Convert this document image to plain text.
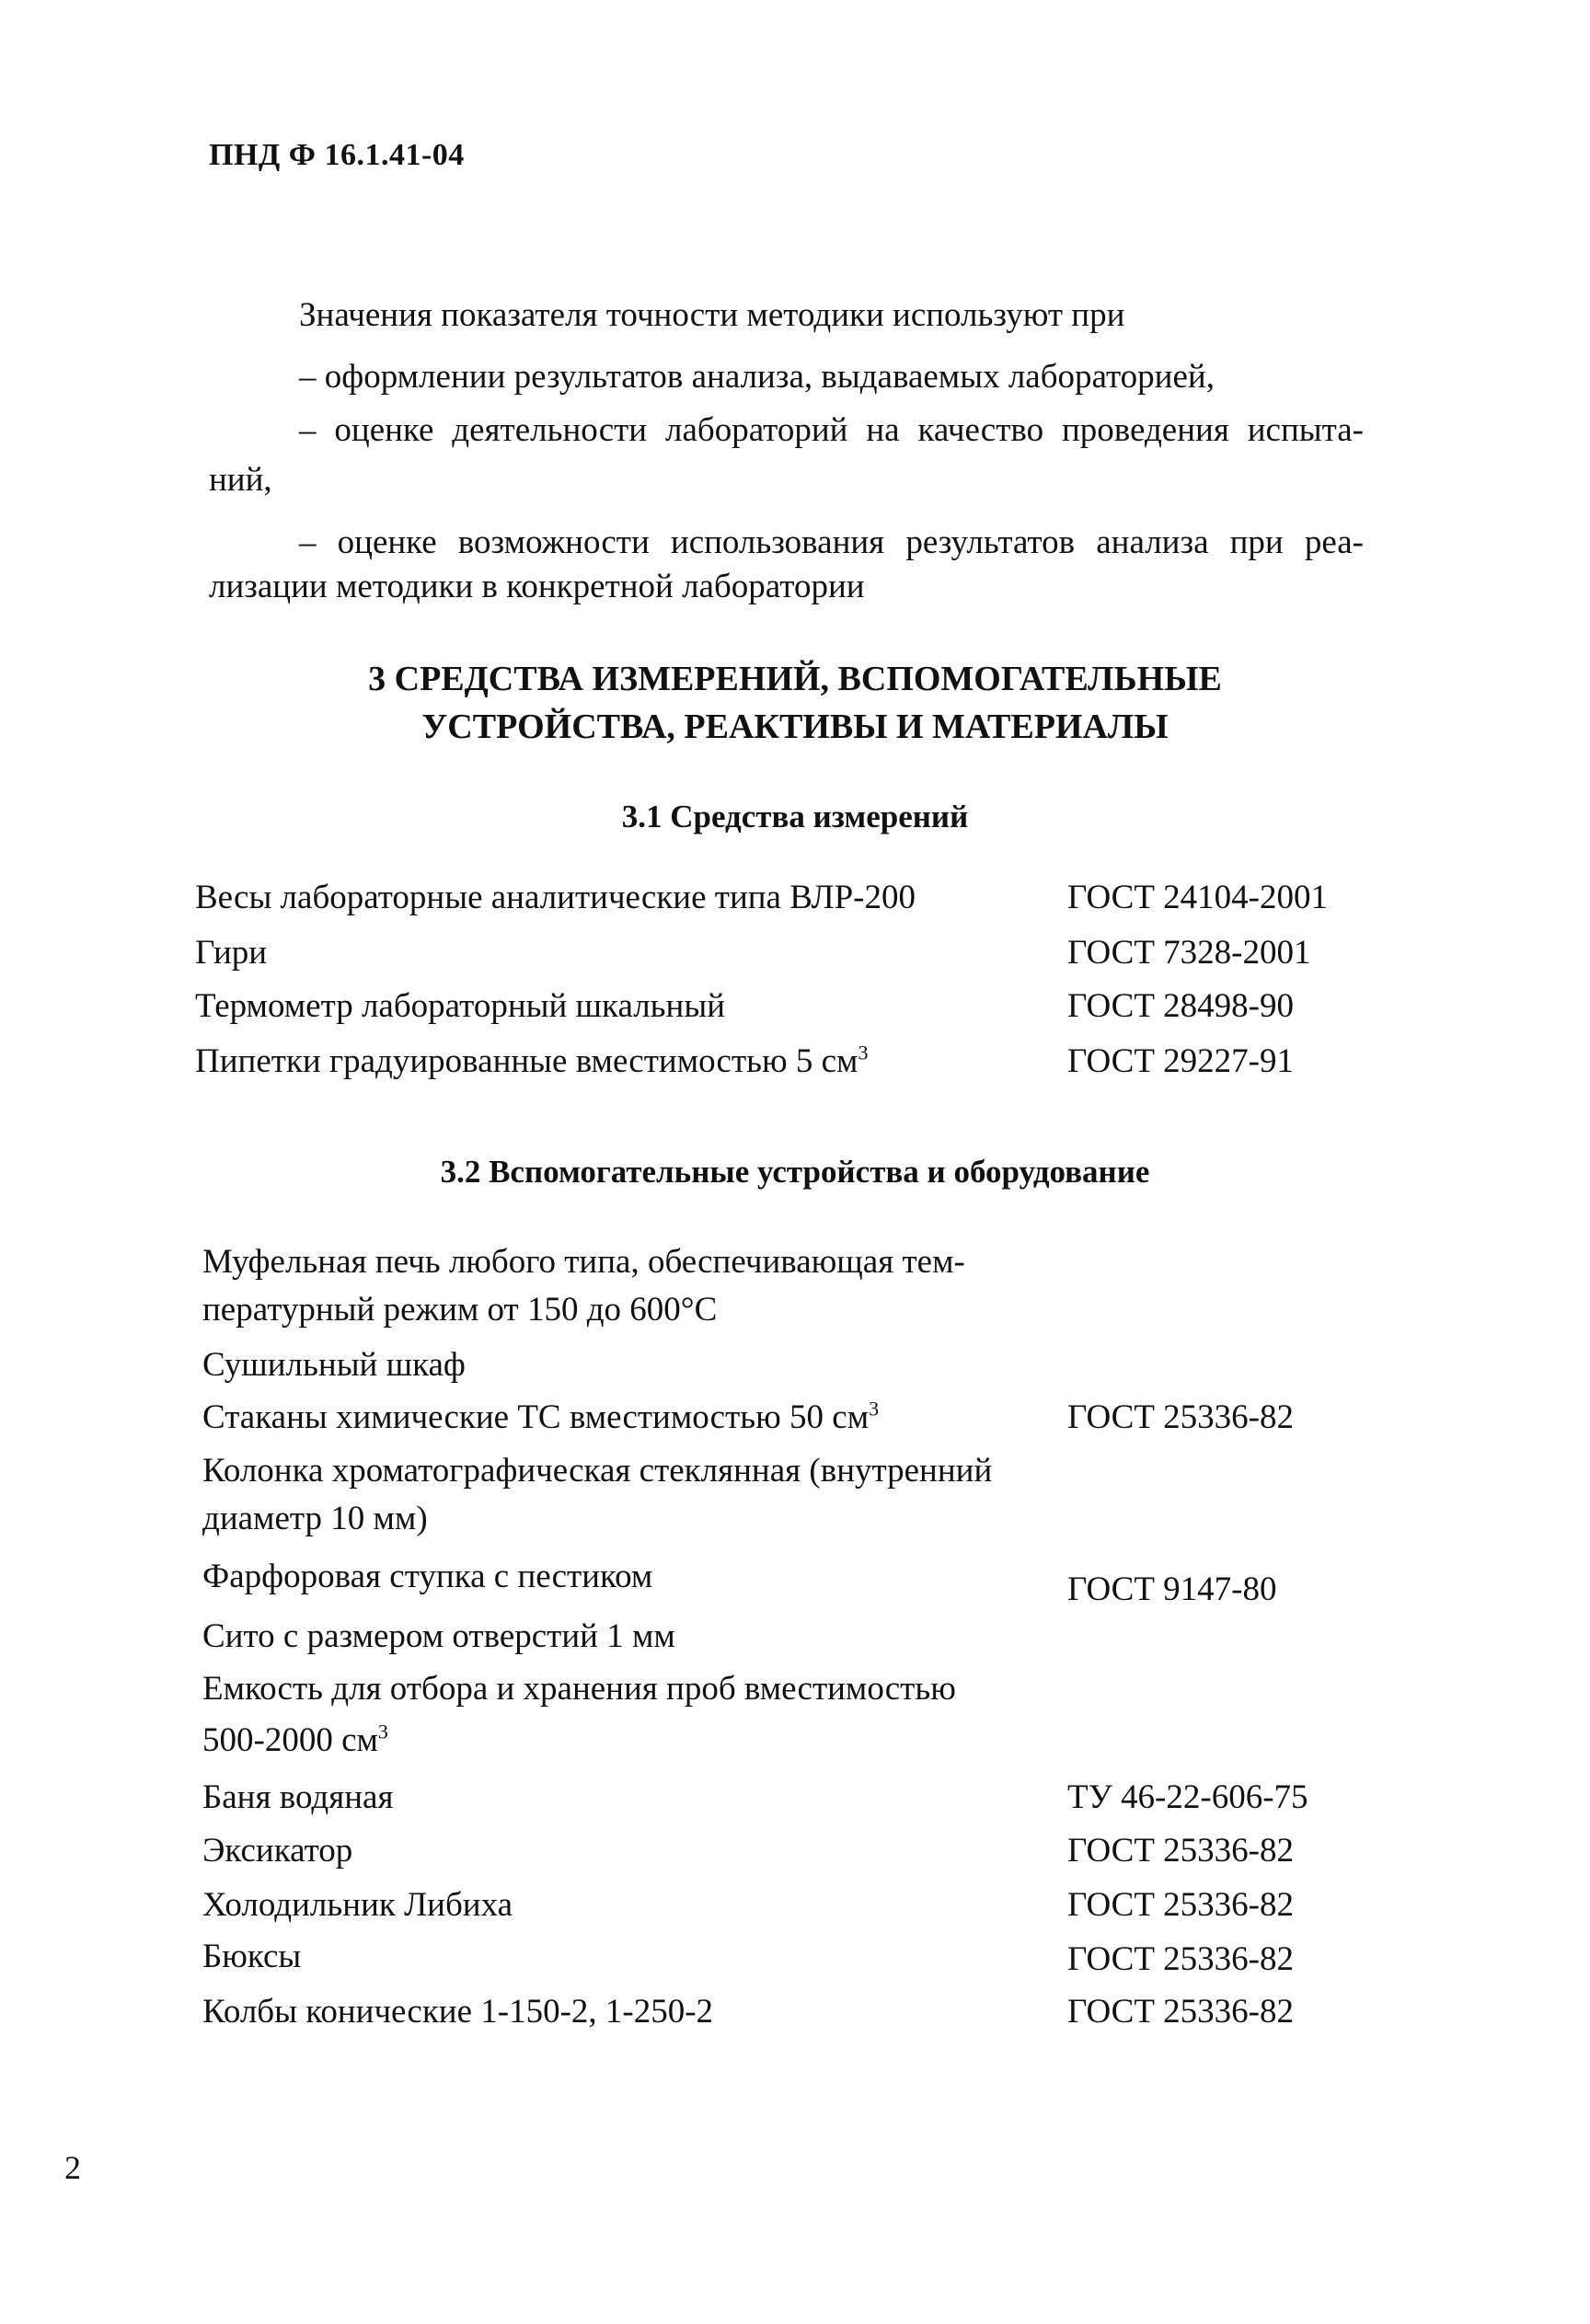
ПНД Ф 16.1.41-04
Значения показателя точности методики используют при
– оформлении результатов анализа, выдаваемых лабораторией,
– оценке деятельности лабораторий на качество проведения испыта-
ний,
– оценке возможности использования результатов анализа при реа-
лизации методики в конкретной лаборатории
3 СРЕДСТВА ИЗМЕРЕНИЙ, ВСПОМОГАТЕЛЬНЫЕ
УСТРОЙСТВА, РЕАКТИВЫ И МАТЕРИАЛЫ
3.1 Средства измерений
Весы лабораторные аналитические типа ВЛР-200	ГОСТ 24104-2001
Гири	ГОСТ 7328-2001
Термометр лабораторный шкальный	ГОСТ 28498-90
Пипетки градуированные вместимостью 5 $см^3$	ГОСТ 29227-91
3.2 Вспомогательные устройства и оборудование
Муфельная печь любого типа, обеспечивающая тем-
пературный режим от 150 до 600°С
Сушильный шкаф
Стаканы химические ТС вместимостью 50 $см^3$	ГОСТ 25336-82
Колонка хроматографическая стеклянная (внутренний
диаметр 10 мм)
Фарфоровая ступка с пестиком	ГОСТ 9147-80
Сито с размером отверстий 1 мм
Емкость для отбора и хранения проб вместимостью
500-2000 $см^3$
Баня водяная	ТУ 46-22-606-75
Эксикатор	ГОСТ 25336-82
Холодильник Либиха	ГОСТ 25336-82
Бюксы	ГОСТ 25336-82
Колбы конические 1-150-2, 1-250-2	ГОСТ 25336-82
2
